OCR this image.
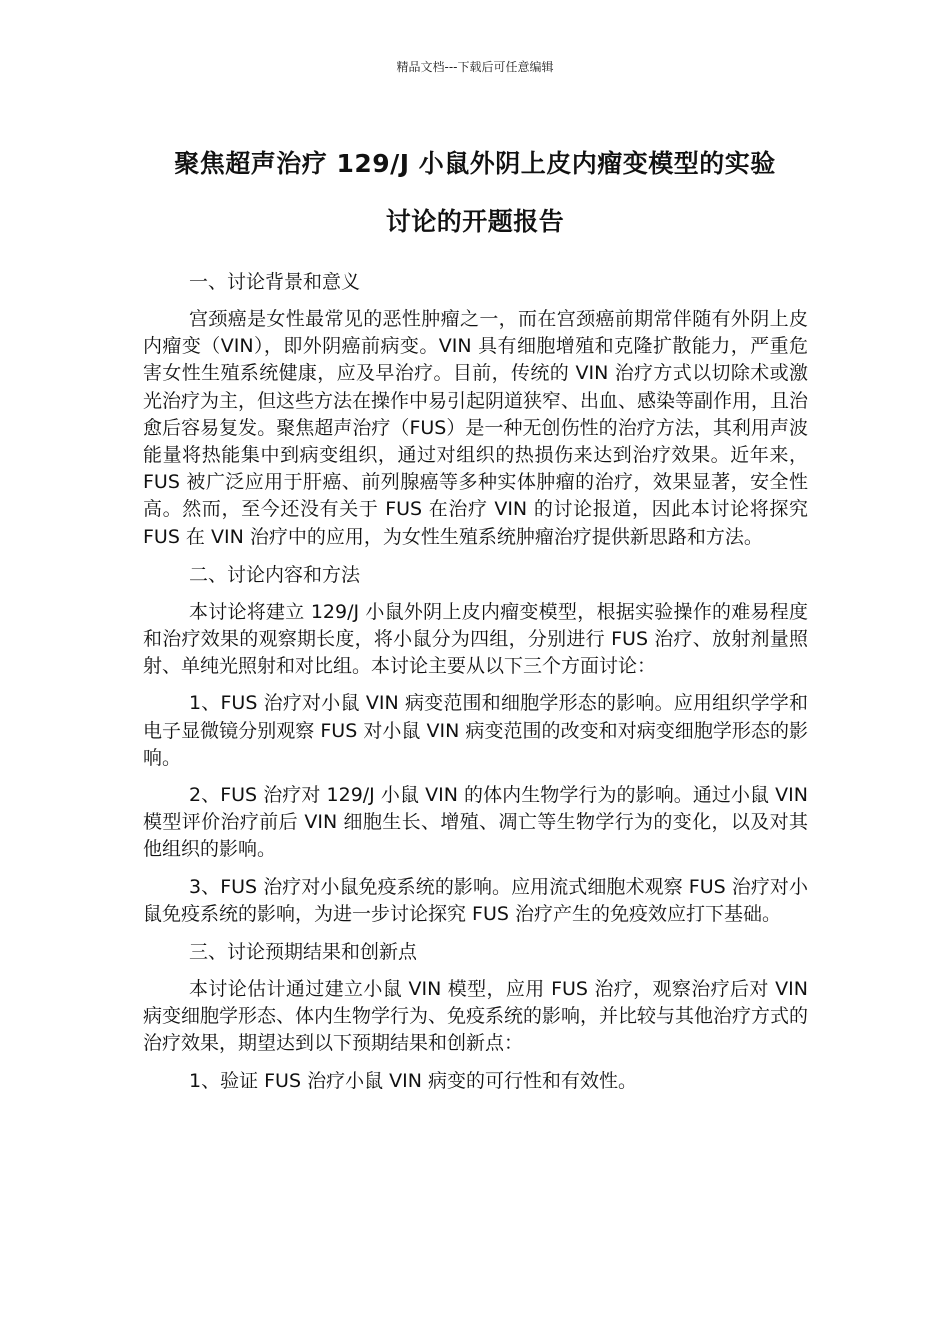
精品文档---下载后可任意编辑
聚焦超声治疗 129/J 小鼠外阴上皮内瘤变模型的实验
讨论的开题报告
一、讨论背景和意义
宫颈癌是女性最常见的恶性肿瘤之一，而在宫颈癌前期常伴随有外阴上皮内瘤变（VIN），即外阴癌前病变。VIN 具有细胞增殖和克隆扩散能力，严重危害女性生殖系统健康，应及早治疗。目前，传统的 VIN 治疗方式以切除术或激光治疗为主，但这些方法在操作中易引起阴道狭窄、出血、感染等副作用，且治愈后容易复发。聚焦超声治疗（FUS）是一种无创伤性的治疗方法，其利用声波能量将热能集中到病变组织，通过对组织的热损伤来达到治疗效果。近年来，FUS 被广泛应用于肝癌、前列腺癌等多种实体肿瘤的治疗，效果显著，安全性高。然而，至今还没有关于 FUS 在治疗 VIN 的讨论报道，因此本讨论将探究 FUS 在 VIN 治疗中的应用，为女性生殖系统肿瘤治疗提供新思路和方法。
二、讨论内容和方法
本讨论将建立 129/J 小鼠外阴上皮内瘤变模型，根据实验操作的难易程度和治疗效果的观察期长度，将小鼠分为四组，分别进行 FUS 治疗、放射剂量照射、单纯光照射和对比组。本讨论主要从以下三个方面讨论：
1、FUS 治疗对小鼠 VIN 病变范围和细胞学形态的影响。应用组织学学和电子显微镜分别观察 FUS 对小鼠 VIN 病变范围的改变和对病变细胞学形态的影响。
2、FUS 治疗对 129/J 小鼠 VIN 的体内生物学行为的影响。通过小鼠 VIN 模型评价治疗前后 VIN 细胞生长、增殖、凋亡等生物学行为的变化，以及对其他组织的影响。
3、FUS 治疗对小鼠免疫系统的影响。应用流式细胞术观察 FUS 治疗对小鼠免疫系统的影响，为进一步讨论探究 FUS 治疗产生的免疫效应打下基础。
三、讨论预期结果和创新点
本讨论估计通过建立小鼠 VIN 模型，应用 FUS 治疗，观察治疗后对 VIN 病变细胞学形态、体内生物学行为、免疫系统的影响，并比较与其他治疗方式的治疗效果，期望达到以下预期结果和创新点：
1、验证 FUS 治疗小鼠 VIN 病变的可行性和有效性。
